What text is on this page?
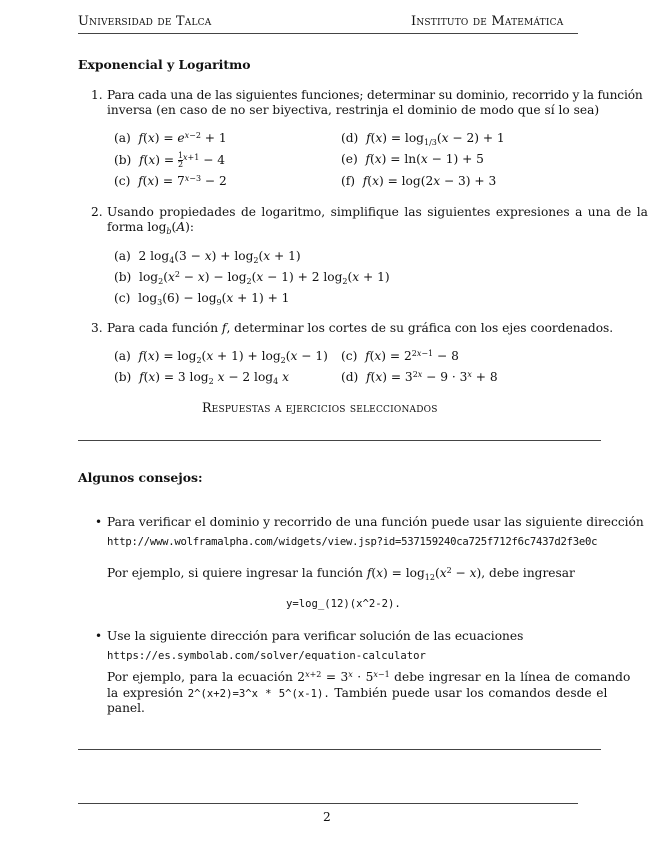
Universidad de Talca	Instituto de Matemática
Exponencial y Logaritmo
1. Para cada una de las siguientes funciones; determinar su dominio, recorrido y la función
inversa (en caso de no ser biyectiva, restrinja el dominio de modo que sí lo sea)
(a) $f(x) = e^{x-2} + 1$
(b) $f(x) = \frac{1}{2} ^{x+1} - 4$
(c) $f(x) = 7^{x-3} - 2$
(d) $f(x) = \log_{1/3}(x - 2) + 1$
(e) f(x) = ln(x − 1) + 5
(f) f(x) = log(2x − 3) + 3
2. Usando propiedades de logaritmo, simplifique las siguientes expresiones a una de la
forma $\log_b(A)$:
(a)  2 $\log_4(3 - x) + \log_2(x + 1)$
(b)  $\log_2(x^2 - x) - \log_2(x - 1) + 2$ $\log_2(x + 1)$
(c)  $\log_3(6) - \log_9(x + 1) + 1$
3. Para cada función f, determinar los cortes de su gráfica con los ejes coordenados.
(a) $f(x) = \log_2(x + 1) + \log_2(x - 1)$
(b) f(x) = 3 $\log_2 x - 2$ $\log_4 x$
(c) $f(x) = 2^{2x-1} - 8$
(d) $f(x) = 3^{2x} - 9 \cdot 3^x + 8$
Respuestas a ejercicios seleccionados
Algunos consejos:
• Para verificar el dominio y recorrido de una función puede usar las siguiente dirección
http://www.wolframalpha.com/widgets/view.jsp?id=537159240ca725f712f6c7437d2f3e0c
Por ejemplo, si quiere ingresar la función $f(x) = \log_{12}(x^2 - x)$, debe ingresar
y=log_(12)(x^2-2).
• Use la siguiente dirección para verificar solución de las ecuaciones
https://es.symbolab.com/solver/equation-calculator
Por ejemplo, para la ecuación $2^{x+2} = 3^x \cdot 5^{x-1}$ debe ingresar en la línea de comando
la expresión 2^(x+2)=3^x * 5^(x-1). También puede usar los comandos desde el
panel.
2
